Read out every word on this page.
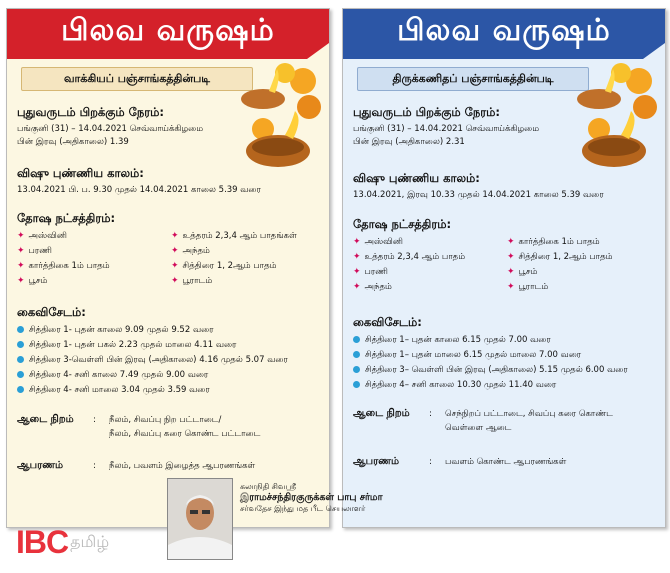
பிலவ வருஷம்
வாக்கியப் பஞ்சாங்கத்தின்படி
புதுவருடம் பிறக்கும் நேரம்:
பங்குனி (31) – 14.04.2021 செவ்வாய்க்கிழமை
பின் இரவு (அதிகாலை) 1.39
விஷு புண்ணிய காலம்:
13.04.2021 பி. ப. 9.30 முதல் 14.04.2021 காலை 5.39 வரை
தோஷ நட்சத்திரம்:
✦ அஸ்வினி	✦ உத்தரம் 2,3,4 ஆம் பாதங்கள்
✦ பரணி	✦ அந்தம்
✦ கார்த்திகை 1ம் பாதம்	✦ சித்திரை 1, 2ஆம் பாதம்
✦ பூசம்	✦ பூராடம்
கைவிசேடம்:
சித்திரை 1- புதன் காலை 9.09 முதல் 9.52 வரை
சித்திரை 1- புதன் பகல் 2.23 முதல் மாலை 4.11 வரை
சித்திரை 3-வெள்ளி பின் இரவு (அதிகாலை) 4.16 முதல் 5.07 வரை
சித்திரை 4- சனி காலை 7.49 முதல் 9.00 வரை
சித்திரை 4- சனி மாலை 3.04 முதல் 3.59 வரை
ஆடை நிறம்	:	நீலம், சிவப்பு நிற பட்டாடை/
நீலம், சிவப்பு கரை கொண்ட பட்டாடை
ஆபரணம்	:	நீலம், பவளம் இழைத்த ஆபரணங்கள்
பிலவ வருஷம்
திருக்கணிதப் பஞ்சாங்கத்தின்படி
புதுவருடம் பிறக்கும் நேரம்:
பங்குனி (31) – 14.04.2021 செவ்வாய்க்கிழமை
பின் இரவு (அதிகாலை) 2.31
விஷு புண்ணிய காலம்:
13.04.2021, இரவு 10.33 முதல் 14.04.2021 காலை 5.39 வரை
தோஷ நட்சத்திரம்:
✦ அஸ்வினி	✦ கார்த்திகை 1ம் பாதம்
✦ உத்தரம் 2,3,4 ஆம் பாதம்	✦ சித்திரை 1, 2ஆம் பாதம்
✦ பரணி	✦ பூசம்
✦ அந்தம்	✦ பூராடம்
கைவிசேடம்:
சித்திரை 1– புதன் காலை 6.15 முதல் 7.00 வரை
சித்திரை 1– புதன் மாலை 6.15 முதல் மாலை 7.00 வரை
சித்திரை 3– வெள்ளி பின் இரவு (அதிகாலை) 5.15 முதல் 6.00 வரை
சித்திரை 4– சனி காலை 10.30 முதல் 11.40 வரை
ஆடை நிறம்	:	செந்நிறப் பட்டாடை, சிவப்பு கரை கொண்ட
வெள்ளை ஆடை
ஆபரணம்	:	பவளம் கொண்ட ஆபரணங்கள்
கலாநிதி சிவஸ்ரீ
இராமச்சந்திரகுருக்கள் பாபு சர்மா
சர்வதேச இந்து மத பீட செயலாளர்
IBC தமிழ்
